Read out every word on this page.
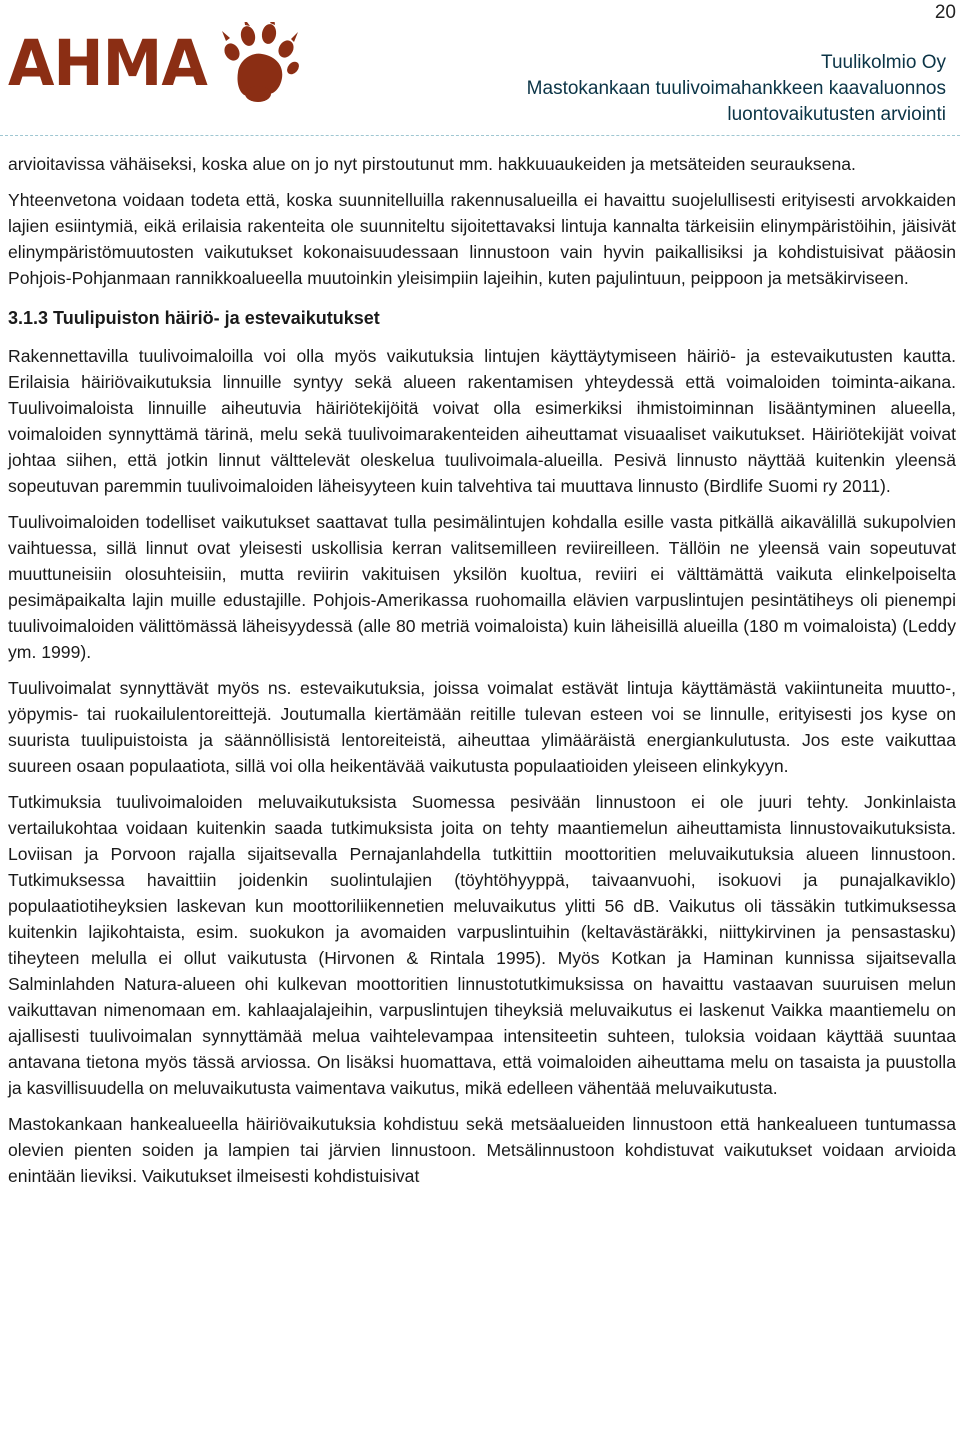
20
AHMA	Tuulikolmio Oy
Mastokankaan tuulivoimahankkeen kaavaluonnos
luontovaikutusten arviointi

arvioitavissa vähäiseksi, koska alue on jo nyt pirstoutunut mm. hakkuuaukeiden ja metsäteiden seurauksena.

Yhteenvetona voidaan todeta että, koska suunnitelluilla rakennusalueilla ei havaittu suojelullisesti erityisesti arvokkaiden lajien esiintymiä, eikä erilaisia rakenteita ole suunniteltu sijoitettavaksi lintuja kannalta tärkeisiin elinympäristöihin, jäisivät elinympäristömuutosten vaikutukset kokonaisuudessaan linnustoon vain hyvin paikallisiksi ja kohdistuisivat pääosin Pohjois-Pohjanmaan rannikkoalueella muutoinkin yleisimpiin lajeihin, kuten pajulintuun, peippoon ja metsäkirviseen.

3.1.3 Tuulipuiston häiriö- ja estevaikutukset

Rakennettavilla tuulivoimaloilla voi olla myös vaikutuksia lintujen käyttäytymiseen häiriö- ja estevaikutusten kautta. Erilaisia häiriövaikutuksia linnuille syntyy sekä alueen rakentamisen yhteydessä että voimaloiden toiminta-aikana. Tuulivoimaloista linnuille aiheutuvia häiriötekijöitä voivat olla esimerkiksi ihmistoiminnan lisääntyminen alueella, voimaloiden synnyttämä tärinä, melu sekä tuulivoimarakenteiden aiheuttamat visuaaliset vaikutukset. Häiriötekijät voivat johtaa siihen, että jotkin linnut välttelevät oleskelua tuulivoimala-alueilla. Pesivä linnusto näyttää kuitenkin yleensä sopeutuvan paremmin tuulivoimaloiden läheisyyteen kuin talvehtiva tai muuttava linnusto (Birdlife Suomi ry 2011).

Tuulivoimaloiden todelliset vaikutukset saattavat tulla pesimälintujen kohdalla esille vasta pitkällä aikavälillä sukupolvien vaihtuessa, sillä linnut ovat yleisesti uskollisia kerran valitsemilleen reviireilleen. Tällöin ne yleensä vain sopeutuvat muuttuneisiin olosuhteisiin, mutta reviirin vakituisen yksilön kuoltua, reviiri ei välttämättä vaikuta elinkelpoiselta pesimäpaikalta lajin muille edustajille. Pohjois-Amerikassa ruohomailla elävien varpuslintujen pesintätiheys oli pienempi tuulivoimaloiden välittömässä läheisyydessä (alle 80 metriä voimaloista) kuin läheisillä alueilla (180 m voimaloista) (Leddy ym. 1999).

Tuulivoimalat synnyttävät myös ns. estevaikutuksia, joissa voimalat estävät lintuja käyttämästä vakiintuneita muutto-, yöpymis- tai ruokailulentoreittejä. Joutumalla kiertämään reitille tulevan esteen voi se linnulle, erityisesti jos kyse on suurista tuulipuistoista ja säännöllisistä lentoreiteistä, aiheuttaa ylimääräistä energiankulutusta. Jos este vaikuttaa suureen osaan populaatiota, sillä voi olla heikentävää vaikutusta populaatioiden yleiseen elinkykyyn.

Tutkimuksia tuulivoimaloiden meluvaikutuksista Suomessa pesivään linnustoon ei ole juuri tehty. Jonkinlaista vertailukohtaa voidaan kuitenkin saada tutkimuksista joita on tehty maantiemelun aiheuttamista linnustovaikutuksista. Loviisan ja Porvoon rajalla sijaitsevalla Pernajanlahdella tutkittiin moottoritien meluvaikutuksia alueen linnustoon. Tutkimuksessa havaittiin joidenkin suolintulajien (töyhtöhyyppä, taivaanvuohi, isokuovi ja punajalkaviklo) populaatiotiheyksien laskevan kun moottoriliikennetien meluvaikutus ylitti 56 dB. Vaikutus oli tässäkin tutkimuksessa kuitenkin lajikohtaista, esim. suokukon ja avomaiden varpuslintuihin (keltavästäräkki, niittykirvinen ja pensastasku) tiheyteen melulla ei ollut vaikutusta (Hirvonen & Rintala 1995). Myös Kotkan ja Haminan kunnissa sijaitsevalla Salminlahden Natura-alueen ohi kulkevan moottoritien linnustotutkimuksissa on havaittu vastaavan suuruisen melun vaikuttavan nimenomaan em. kahlaajalajeihin, varpuslintujen tiheyksiä meluvaikutus ei laskenut Vaikka maantiemelu on ajallisesti tuulivoimalan synnyttämää melua vaihtelevampaa intensiteetin suhteen, tuloksia voidaan käyttää suuntaa antavana tietona myös tässä arviossa. On lisäksi huomattava, että voimaloiden aiheuttama melu on tasaista ja puustolla ja kasvillisuudella on meluvaikutusta vaimentava vaikutus, mikä edelleen vähentää meluvaikutusta.

Mastokankaan hankealueella häiriövaikutuksia kohdistuu sekä metsäalueiden linnustoon että hankealueen tuntumassa olevien pienten soiden ja lampien tai järvien linnustoon. Metsälinnustoon kohdistuvat vaikutukset voidaan arvioida enintään lieviksi. Vaikutukset ilmeisesti kohdistuisivat
